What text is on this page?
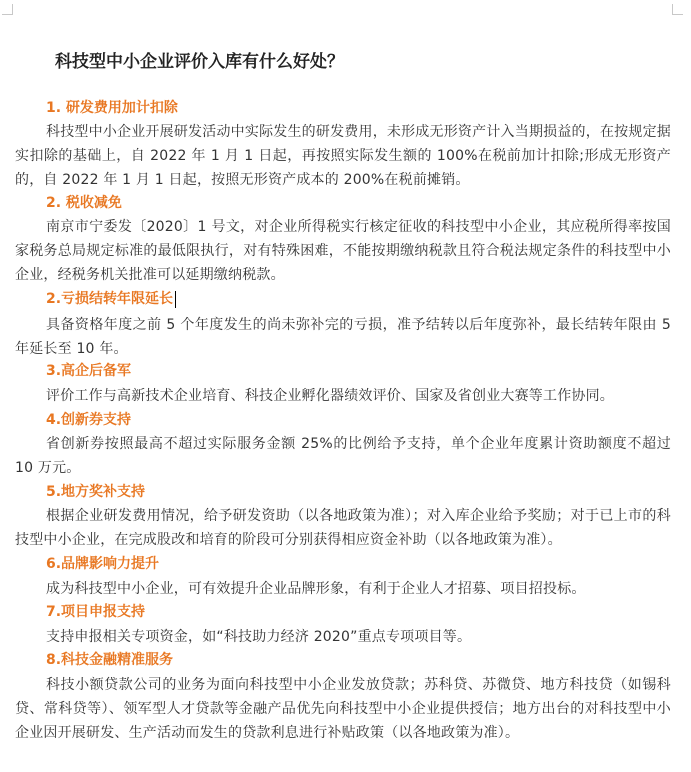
科技型中小企业评价入库有什么好处？
1. 研发费用加计扣除
科技型中小企业开展研发活动中实际发生的研发费用，未形成无形资产计入当期损益的，在按规定据实扣除的基础上，自 2022 年 1 月 1 日起，再按照实际发生额的 100%在税前加计扣除;形成无形资产的，自 2022 年 1 月 1 日起，按照无形资产成本的 200%在税前摊销。
2. 税收减免
南京市宁委发〔2020〕1 号文，对企业所得税实行核定征收的科技型中小企业，其应税所得率按国家税务总局规定标准的最低限执行，对有特殊困难，不能按期缴纳税款且符合税法规定条件的科技型中小企业，经税务机关批准可以延期缴纳税款。
2.亏损结转年限延长
具备资格年度之前 5 个年度发生的尚未弥补完的亏损，准予结转以后年度弥补，最长结转年限由 5 年延长至 10 年。
3.高企后备军
评价工作与高新技术企业培育、科技企业孵化器绩效评价、国家及省创业大赛等工作协同。
4.创新券支持
省创新券按照最高不超过实际服务金额 25%的比例给予支持，单个企业年度累计资助额度不超过 10 万元。
5.地方奖补支持
根据企业研发费用情况，给予研发资助（以各地政策为准）；对入库企业给予奖励；对于已上市的科技型中小企业，在完成股改和培育的阶段可分别获得相应资金补助（以各地政策为准）。
6.品牌影响力提升
成为科技型中小企业，可有效提升企业品牌形象，有利于企业人才招募、项目招投标。
7.项目申报支持
支持申报相关专项资金，如“科技助力经济 2020”重点专项项目等。
8.科技金融精准服务
科技小额贷款公司的业务为面向科技型中小企业发放贷款；苏科贷、苏微贷、地方科技贷（如锡科贷、常科贷等）、领军型人才贷款等金融产品优先向科技型中小企业提供授信；地方出台的对科技型中小企业因开展研发、生产活动而发生的贷款利息进行补贴政策（以各地政策为准）。
